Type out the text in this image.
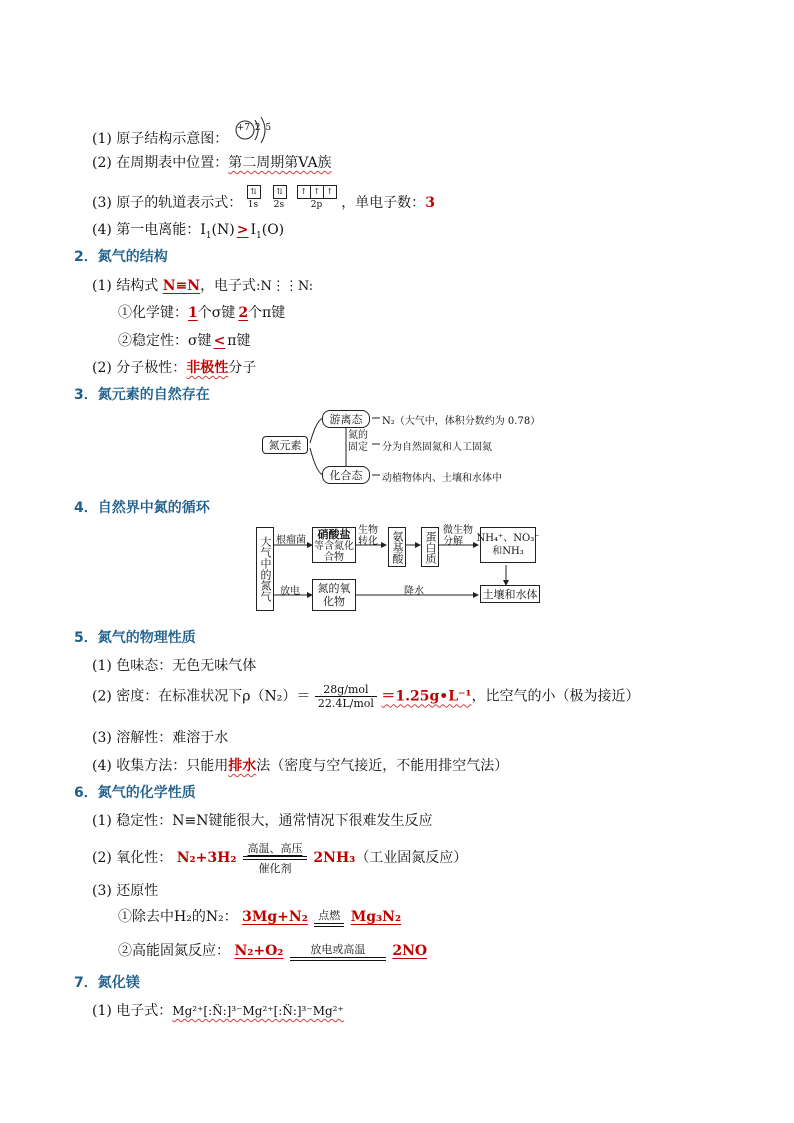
(1) 原子结构示意图：
+7 2 5
(2) 在周期表中位置：第二周期第VA族
(3) 原子的轨道表示式：
⇅	⇅	↑ ↑ ↑
1s 2s	2p ，单电子数：3
(4) 第一电离能：$I_1(N) > I_1(O)$
2．氮气的结构
(1) 结构式 N≡N，电子式:N⋮⋮N:
①化学键：1个σ键 2个π键
②稳定性：σ键 < π键
(2) 分子极性：非极性分子
3．氮元素的自然存在
氮元素
游离态
化合态
氮的
固定
N₂（大气中，体积分数约为 0.78）
分为自然固氮和人工固氮
动植物体内、土壤和水体中
4．自然界中氮的循环
大气中的氮气 根瘤菌 硝酸盐
等含氮化合物
生物
转化 氨基酸 蛋白质 微生物
分解	NH₄⁺、NO₃⁻
和NH₃
放电	氮的氧
化物
降水	土壤和水体
5．氮气的物理性质
(1) 色味态：无色无味气体
(2) 密度：在标准状况下$\rho(N_2)= \frac{\text{28g/mol}}{\text{22.4L/mol}}$ ＝1.25g•L⁻¹，比空气的小（极为接近）
(3) 溶解性：难溶于水
(4) 收集方法：只能用排水法（密度与空气接近，不能用排空气法）
6．氮气的化学性质
(1) 稳定性：N≡N键能很大，通常情况下很难发生反应
(2) 氧化性： N₂+3H₂
高温、高压
催化剂
2NH₃（工业固氮反应）
(3) 还原性
①除去中H₂的N₂： 3Mg+N₂ 点燃 Mg₃N₂
②高能固氮反应： N₂+O₂	放电或高温	2NO
7．氮化镁
(1) 电子式：Mg²⁺[:N̈:]³⁻Mg²⁺[:N̈:]³⁻Mg²⁺
